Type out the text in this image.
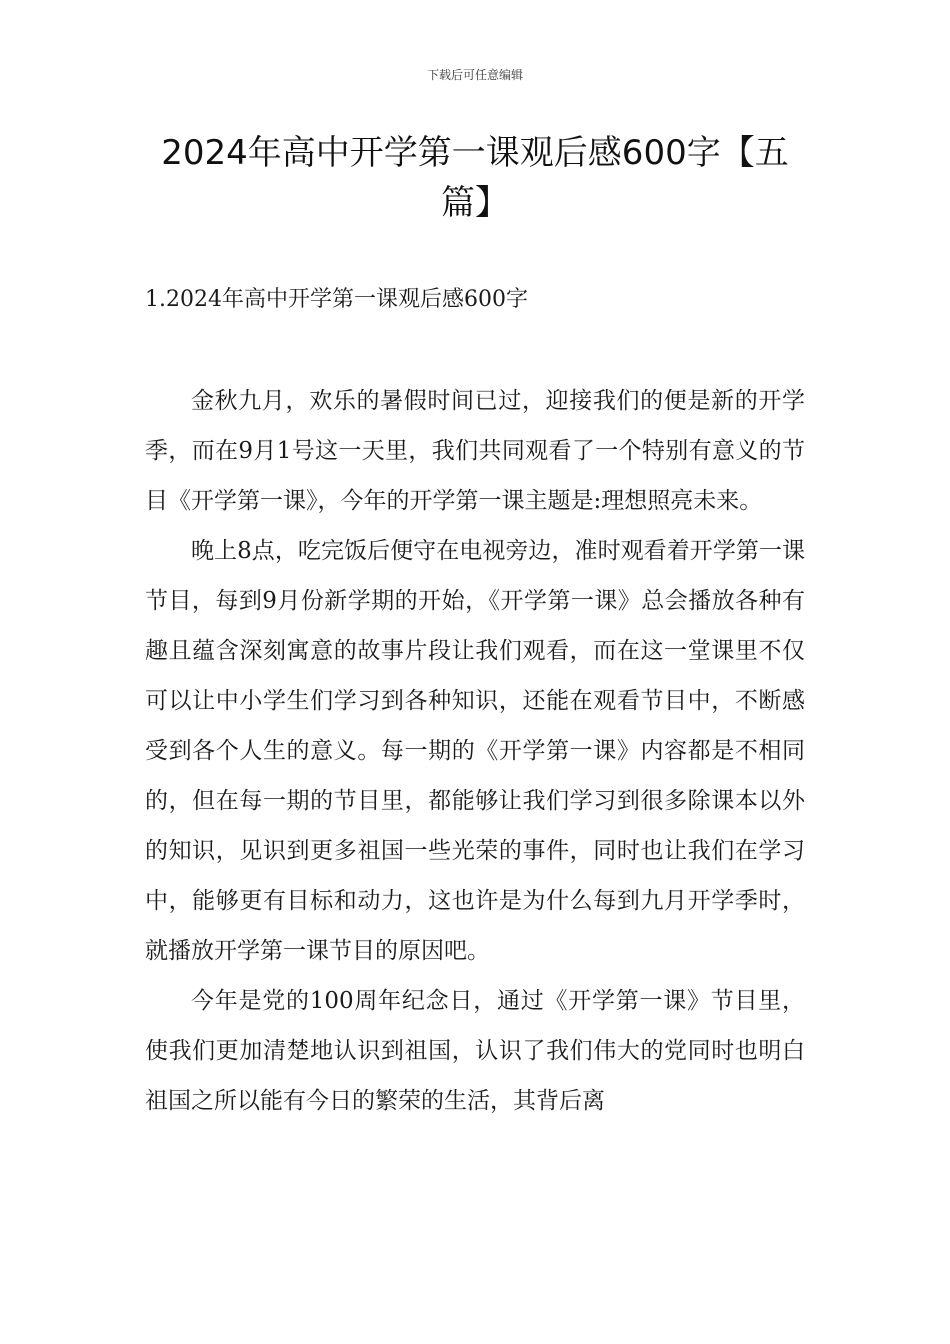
下载后可任意编辑
2024年高中开学第一课观后感600字【五篇】
1.2024年高中开学第一课观后感600字

金秋九月，欢乐的暑假时间已过，迎接我们的便是新的开学季，而在9月1号这一天里，我们共同观看了一个特别有意义的节目《开学第一课》，今年的开学第一课主题是:理想照亮未来。

晚上8点，吃完饭后便守在电视旁边，准时观看着开学第一课节目，每到9月份新学期的开始，《开学第一课》总会播放各种有趣且蕴含深刻寓意的故事片段让我们观看，而在这一堂课里不仅可以让中小学生们学习到各种知识，还能在观看节目中，不断感受到各个人生的意义。每一期的《开学第一课》内容都是不相同的，但在每一期的节目里，都能够让我们学习到很多除课本以外的知识，见识到更多祖国一些光荣的事件，同时也让我们在学习中，能够更有目标和动力，这也许是为什么每到九月开学季时，就播放开学第一课节目的原因吧。

今年是党的100周年纪念日，通过《开学第一课》节目里，使我们更加清楚地认识到祖国，认识了我们伟大的党同时也明白祖国之所以能有今日的繁荣的生活，其背后离
